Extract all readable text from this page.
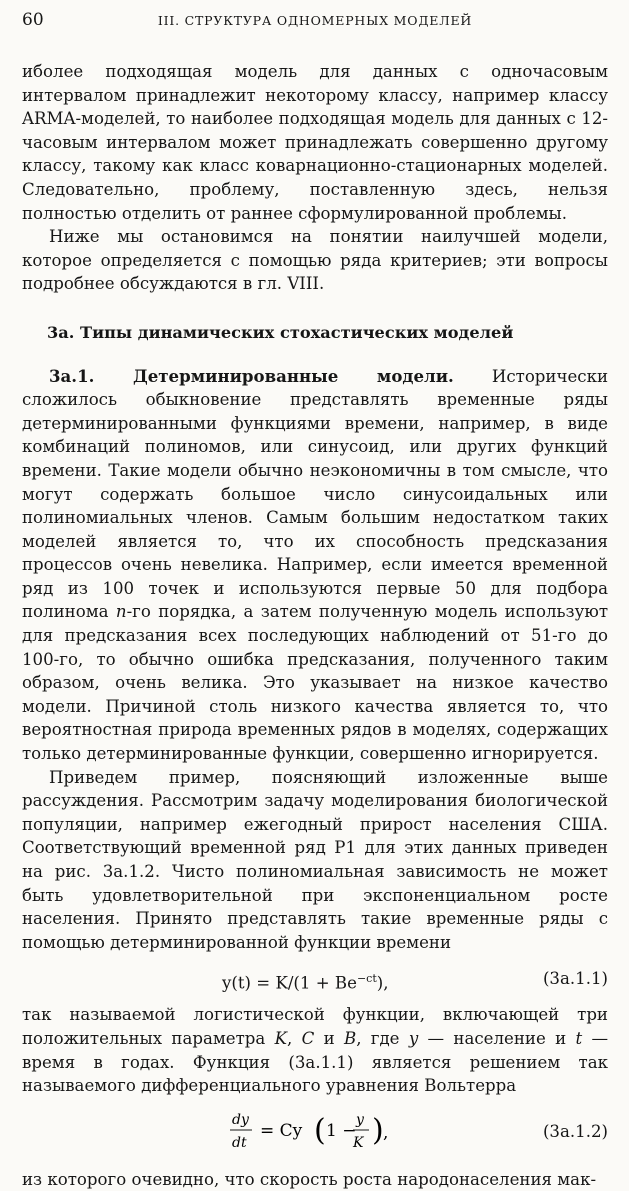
60	III. СТРУКТУРА ОДНОМЕРНЫХ МОДЕЛЕЙ

иболее подходящая модель для данных с одночасовым интервалом принадлежит некоторому классу, например классу ARMA-моделей, то наиболее подходящая модель для данных с 12-часовым интервалом может принадлежать совершенно другому классу, такому как класс коварнационно-стационарных моделей. Следовательно, проблему, поставленную здесь, нельзя полностью отделить от раннее сформулированной проблемы.

Ниже мы остановимся на понятии наилучшей модели, которое определяется с помощью ряда критериев; эти вопросы подробнее обсуждаются в гл. VIII.

3а. Типы динамических стохастических моделей

3а.1. Детерминированные модели. Исторически сложилось обыкновение представлять временные ряды детерминированными функциями времени, например, в виде комбинаций полиномов, или синусоид, или других функций времени. Такие модели обычно неэкономичны в том смысле, что могут содержать большое число синусоидальных или полиномиальных членов. Самым большим недостатком таких моделей является то, что их способность предсказания процессов очень невелика. Например, если имеется временной ряд из 100 точек и используются первые 50 для подбора полинома n-го порядка, а затем полученную модель используют для предсказания всех последующих наблюдений от 51-го до 100-го, то обычно ошибка предсказания, полученного таким образом, очень велика. Это указывает на низкое качество модели. Причиной столь низкого качества является то, что вероятностная природа временных рядов в моделях, содержащих только детерминированные функции, совершенно игнорируется.

Приведем пример, поясняющий изложенные выше рассуждения. Рассмотрим задачу моделирования биологической популяции, например ежегодный прирост населения США. Соответствующий временной ряд P1 для этих данных приведен на рис. 3а.1.2. Чисто полиномиальная зависимость не может быть удовлетворительной при экспоненциальном росте населения. Принято представлять такие временные ряды с помощью детерминированной функции времени

$y(t) = K/(1 + Be^{-ct})$,	(3а.1.1)

так называемой логистической функции, включающей три положительных параметра K, C и B, где y — население и t — время в годах. Функция (3а.1.1) является решением так называемого дифференциального уравнения Вольтерра

dy
dt
= Cy ( 1 −
y
K ) ,	(3а.1.2)

из которого очевидно, что скорость роста народонаселения мак-
